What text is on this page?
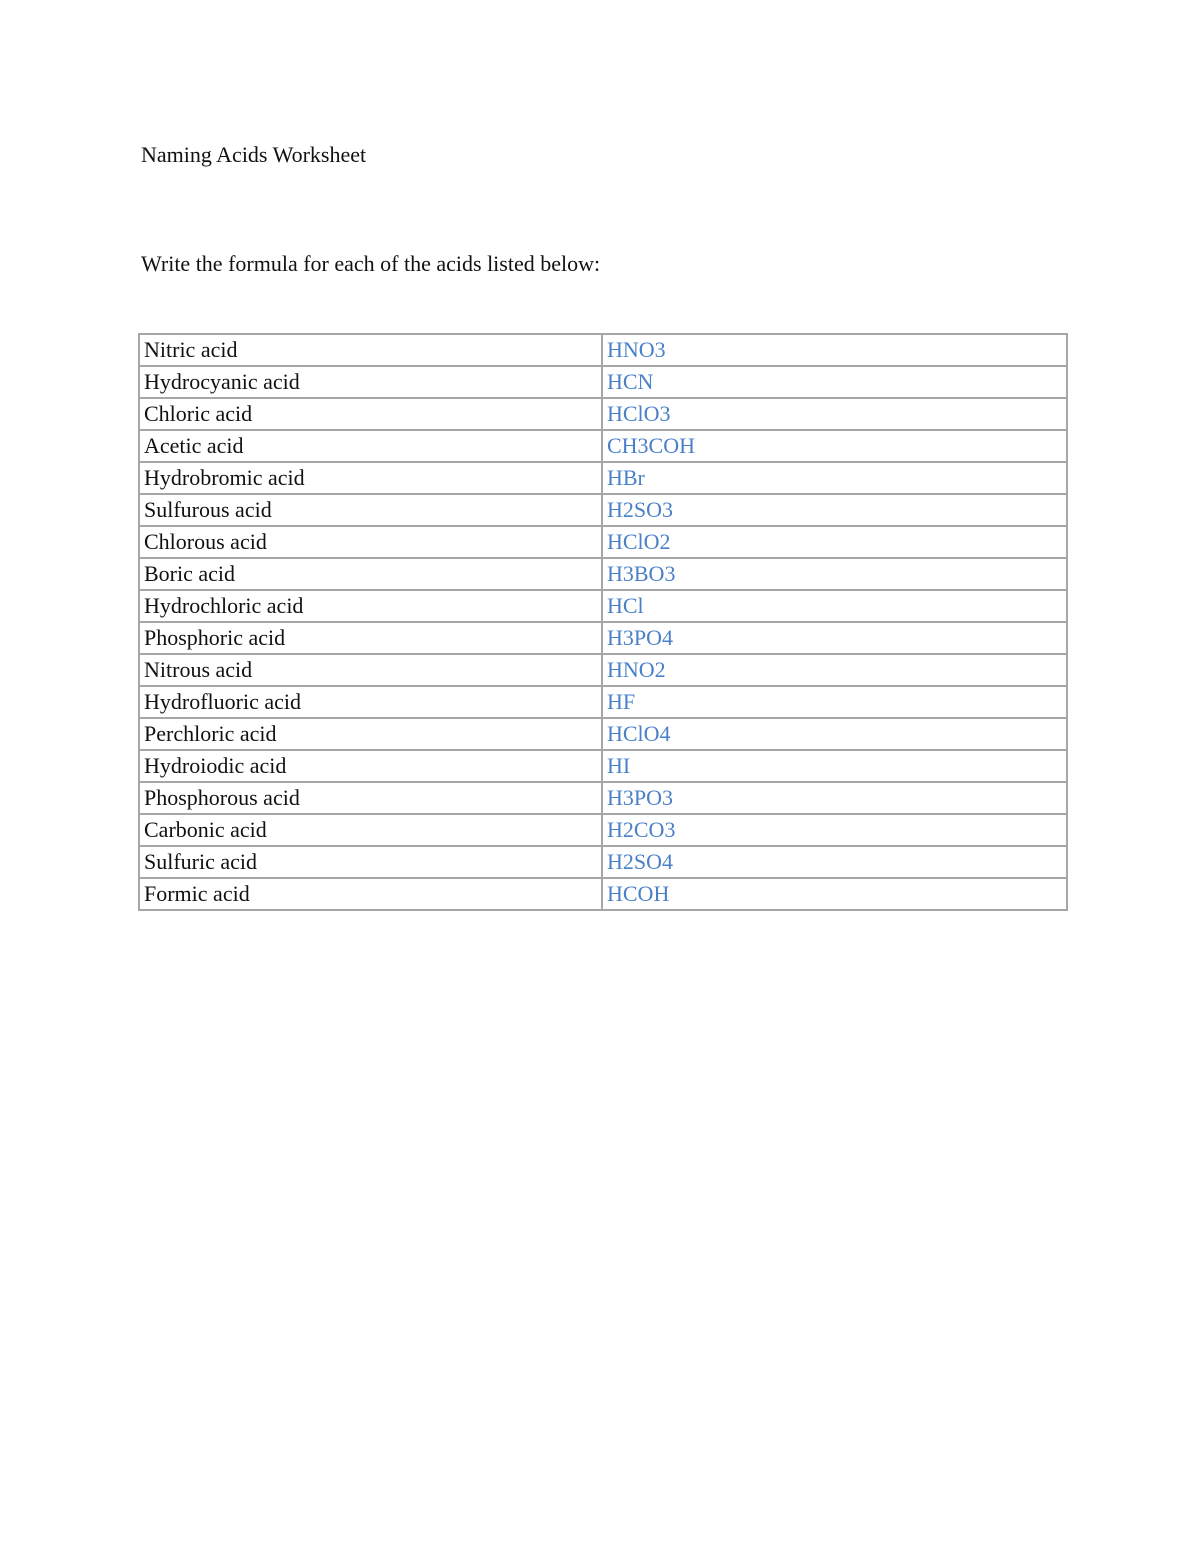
Naming Acids Worksheet
Write the formula for each of the acids listed below:
Nitric acid	HNO3
Hydrocyanic acid	HCN
Chloric acid	HClO3
Acetic acid	CH3COH
Hydrobromic acid	HBr
Sulfurous acid	H2SO3
Chlorous acid	HClO2
Boric acid	H3BO3
Hydrochloric acid	HCl
Phosphoric acid	H3PO4
Nitrous acid	HNO2
Hydrofluoric acid	HF
Perchloric acid	HClO4
Hydroiodic acid	HI
Phosphorous acid	H3PO3
Carbonic acid	H2CO3
Sulfuric acid	H2SO4
Formic acid	HCOH
